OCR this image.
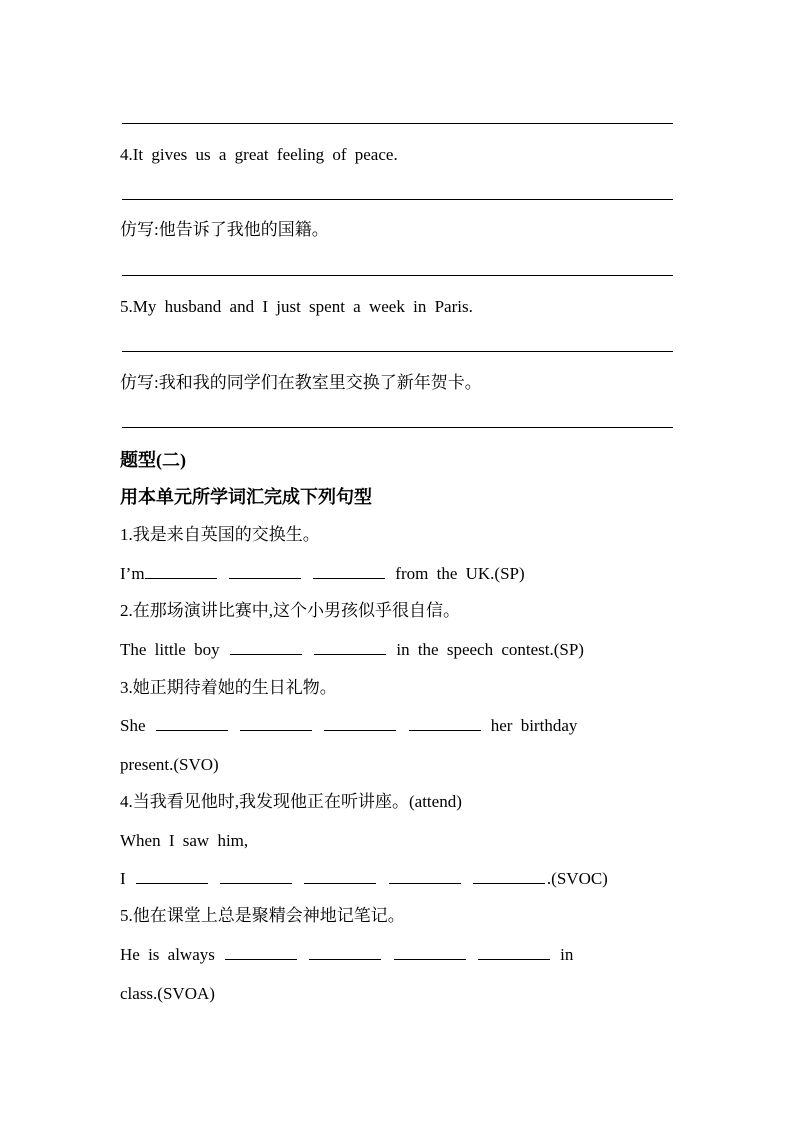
4.It gives us a great feeling of peace.
仿写:他告诉了我他的国籍。
5.My husband and I just spent a week in Paris.
仿写:我和我的同学们在教室里交换了新年贺卡。
题型(二)
用本单元所学词汇完成下列句型
1.我是来自英国的交换生。
I’m	from the UK.(SP)
2.在那场演讲比赛中,这个小男孩似乎很自信。
The little boy	in the speech contest.(SP)
3.她正期待着她的生日礼物。
She	her birthday
present.(SVO)
4.当我看见他时,我发现他正在听讲座。(attend)
When I saw him,
I	.(SVOC)
5.他在课堂上总是聚精会神地记笔记。
He is always	in
class.(SVOA)
